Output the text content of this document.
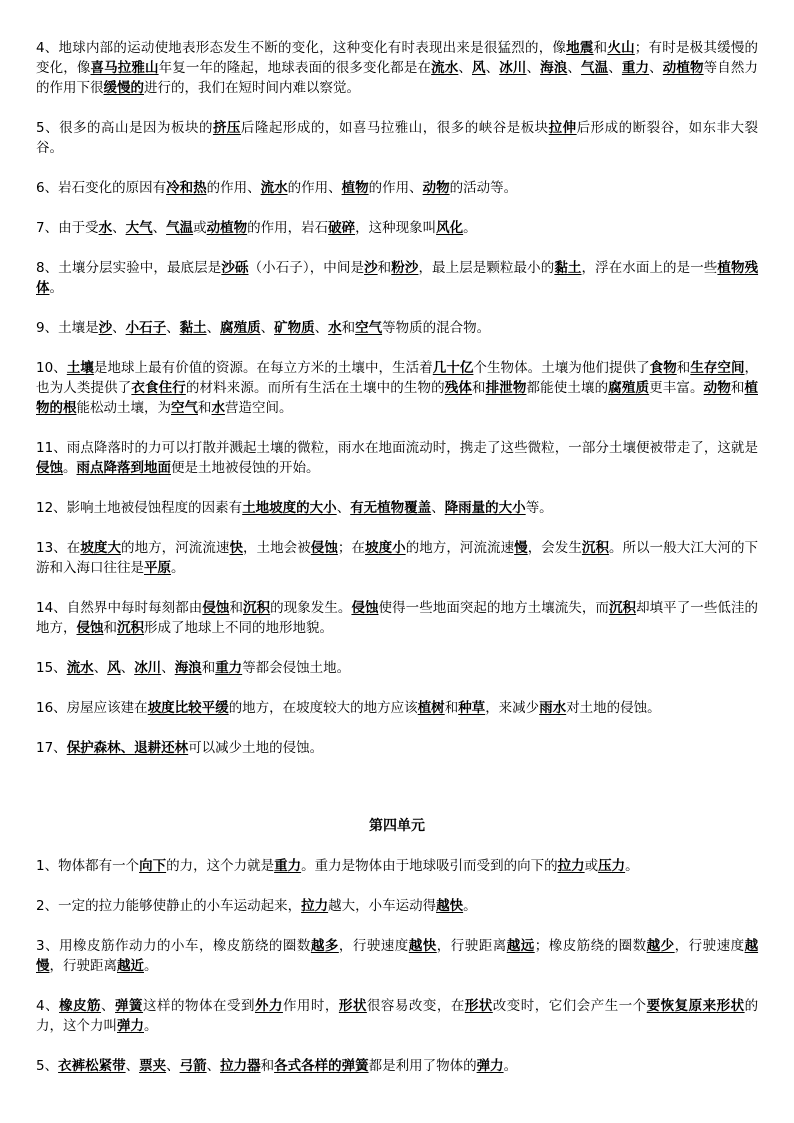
4、地球内部的运动使地表形态发生不断的变化，这种变化有时表现出来是很猛烈的，像地震和火山；有时是极其缓慢的变化，像喜马拉雅山年复一年的隆起，地球表面的很多变化都是在流水、风、冰川、海浪、气温、重力、动植物等自然力的作用下很缓慢的进行的，我们在短时间内难以察觉。

5、很多的高山是因为板块的挤压后隆起形成的，如喜马拉雅山，很多的峡谷是板块拉伸后形成的断裂谷，如东非大裂谷。

6、岩石变化的原因有冷和热的作用、流水的作用、植物的作用、动物的活动等。

7、由于受水、大气、气温或动植物的作用，岩石破碎，这种现象叫风化。

8、土壤分层实验中，最底层是沙砾（小石子），中间是沙和粉沙，最上层是颗粒最小的黏土，浮在水面上的是一些植物残体。

9、土壤是沙、小石子、黏土、腐殖质、矿物质、水和空气等物质的混合物。

10、土壤是地球上最有价值的资源。在每立方米的土壤中，生活着几十亿个生物体。土壤为他们提供了食物和生存空间，也为人类提供了衣食住行的材料来源。而所有生活在土壤中的生物的残体和排泄物都能使土壤的腐殖质更丰富。动物和植物的根能松动土壤，为空气和水营造空间。

11、雨点降落时的力可以打散并溅起土壤的微粒，雨水在地面流动时，携走了这些微粒，一部分土壤便被带走了，这就是侵蚀。雨点降落到地面便是土地被侵蚀的开始。

12、影响土地被侵蚀程度的因素有土地坡度的大小、有无植物覆盖、降雨量的大小等。

13、在坡度大的地方，河流流速快，土地会被侵蚀；在坡度小的地方，河流流速慢，会发生沉积。所以一般大江大河的下游和入海口往往是平原。

14、自然界中每时每刻都由侵蚀和沉积的现象发生。侵蚀使得一些地面突起的地方土壤流失，而沉积却填平了一些低洼的地方，侵蚀和沉积形成了地球上不同的地形地貌。

15、流水、风、冰川、海浪和重力等都会侵蚀土地。

16、房屋应该建在坡度比较平缓的地方，在坡度较大的地方应该植树和种草，来减少雨水对土地的侵蚀。

17、保护森林、退耕还林可以减少土地的侵蚀。

第四单元

1、物体都有一个向下的力，这个力就是重力。重力是物体由于地球吸引而受到的向下的拉力或压力。

2、一定的拉力能够使静止的小车运动起来，拉力越大，小车运动得越快。

3、用橡皮筋作动力的小车，橡皮筋绕的圈数越多，行驶速度越快，行驶距离越远；橡皮筋绕的圈数越少，行驶速度越慢，行驶距离越近。

4、橡皮筋、弹簧这样的物体在受到外力作用时，形状很容易改变，在形状改变时，它们会产生一个要恢复原来形状的力，这个力叫弹力。

5、衣裤松紧带、票夹、弓箭、拉力器和各式各样的弹簧都是利用了物体的弹力。
